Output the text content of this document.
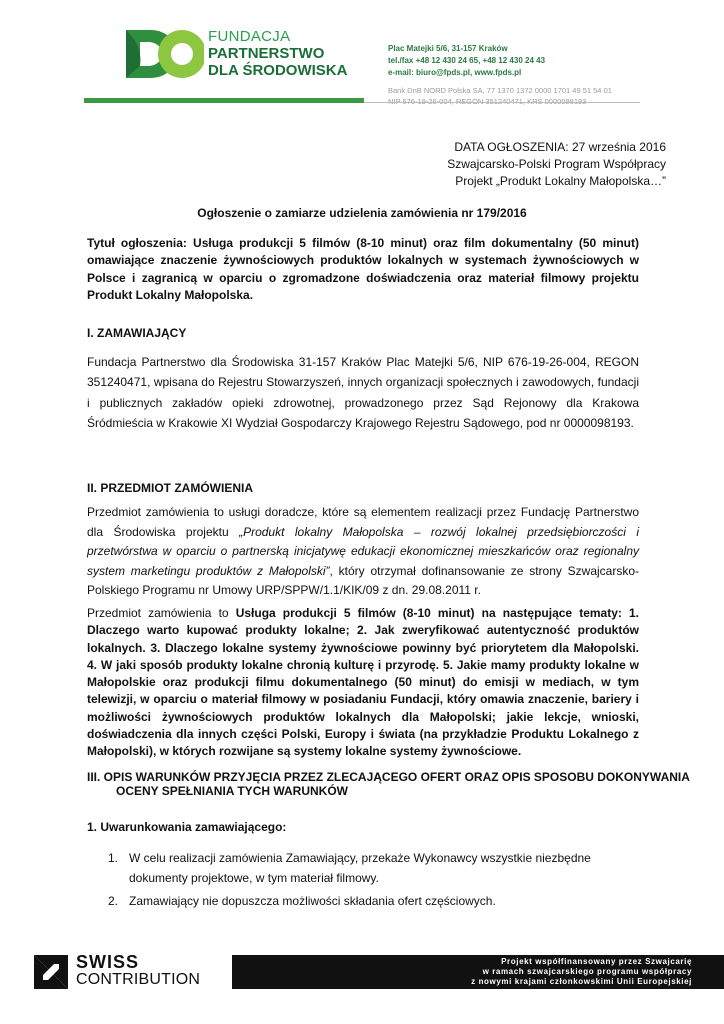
FUNDACJA
PARTNERSTWO
DLA ŚRODOWISKA
Plac Matejki 5/6, 31-157 Kraków
tel./fax +48 12 430 24 65, +48 12 430 24 43
e-mail: biuro@fpds.pl, www.fpds.pl
Bank DnB NORD Polska SA, 77 1370 1372 0000 1701 49 51 54 01
DATA OGŁOSZENIA: 27 września 2016
Szwajcarsko-Polski Program Współpracy
Projekt „Produkt Lokalny Małopolska…”
Ogłoszenie o zamiarze udzielenia zamówienia nr 179/2016
Tytuł ogłoszenia: Usługa produkcji 5 filmów (8-10 minut) oraz film dokumentalny (50 minut) omawiające znaczenie żywnościowych produktów lokalnych w systemach żywnościowych w Polsce i zagranicą w oparciu o zgromadzone doświadczenia oraz materiał filmowy projektu Produkt Lokalny Małopolska.
I. ZAMAWIAJĄCY
Fundacja Partnerstwo dla Środowiska 31-157 Kraków Plac Matejki 5/6, NIP 676-19-26-004, REGON 351240471, wpisana do Rejestru Stowarzyszeń, innych organizacji społecznych i zawodowych, fundacji i publicznych zakładów opieki zdrowotnej, prowadzonego przez Sąd Rejonowy dla Krakowa Śródmieścia w Krakowie XI Wydział Gospodarczy Krajowego Rejestru Sądowego, pod nr 0000098193.
II. PRZEDMIOT ZAMÓWIENIA
Przedmiot zamówienia to usługi doradcze, które są elementem realizacji przez Fundację Partnerstwo dla Środowiska projektu „Produkt lokalny Małopolska – rozwój lokalnej przedsiębiorczości i przetwórstwa w oparciu o partnerską inicjatywę edukacji ekonomicznej mieszkańców oraz regionalny system marketingu produktów z Małopolski”, który otrzymał dofinansowanie ze strony Szwajcarsko-Polskiego Programu nr Umowy URP/SPPW/1.1/KIK/09 z dn. 29.08.2011 r.
Przedmiot zamówienia to Usługa produkcji 5 filmów (8-10 minut) na następujące tematy: 1. Dlaczego warto kupować produkty lokalne; 2. Jak zweryfikować autentyczność produktów lokalnych. 3. Dlaczego lokalne systemy żywnościowe powinny być priorytetem dla Małopolski. 4. W jaki sposób produkty lokalne chronią kulturę i przyrodę. 5. Jakie mamy produkty lokalne w Małopolskie oraz produkcji filmu dokumentalnego (50 minut) do emisji w mediach, w tym telewizji, w oparciu o materiał filmowy w posiadaniu Fundacji, który omawia znaczenie, bariery i możliwości żywnościowych produktów lokalnych dla Małopolski; jakie lekcje, wnioski, doświadczenia dla innych części Polski, Europy i świata (na przykładzie Produktu Lokalnego z Małopolski), w których rozwijane są systemy lokalne systemy żywnościowe.
III. OPIS WARUNKÓW PRZYJĘCIA PRZEZ ZLECAJĄCEGO OFERT ORAZ OPIS SPOSOBU DOKONYWANIA
OCENY SPEŁNIANIA TYCH WARUNKÓW
1. Uwarunkowania zamawiającego:
1. W celu realizacji zamówienia Zamawiający, przekaże Wykonawcy wszystkie niezbędne dokumenty projektowe, w tym materiał filmowy.
2. Zamawiający nie dopuszcza możliwości składania ofert częściowych.
SWISS
CONTRIBUTION
Projekt współfinansowany przez Szwajcarię
w ramach szwajcarskiego programu współpracy
z nowymi krajami członkowskimi Unii Europejskiej
